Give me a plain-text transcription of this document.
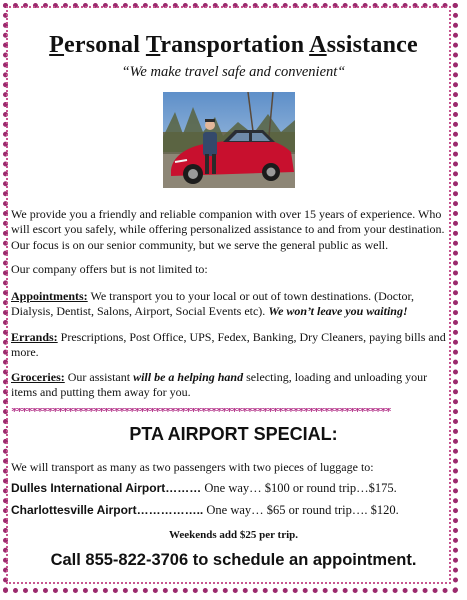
Personal Transportation Assistance
“We make travel safe and convenient“
We provide you a friendly and reliable companion with over 15 years of experience. Who will escort you safely, while offering personalized assistance to and from your destination. Our focus is on our senior community, but we serve the general public as well.
Our company offers but is not limited to:
Appointments: We transport you to your local or out of town destinations. (Doctor, Dialysis, Dentist, Salons, Airport, Social Events etc). We won’t leave you waiting!
Errands: Prescriptions, Post Office, UPS, Fedex, Banking, Dry Cleaners, paying bills and more.
Groceries: Our assistant will be a helping hand selecting, loading and unloading your items and putting them away for you.
**************************************************************************
PTA AIRPORT SPECIAL:
We will transport as many as two passengers with two pieces of luggage to:
Dulles International Airport……… One way… $100 or round trip…$175.
Charlottesville Airport…………….. One way… $65 or round trip…. $120.
Weekends add $25 per trip.
Call 855-822-3706 to schedule an appointment.
